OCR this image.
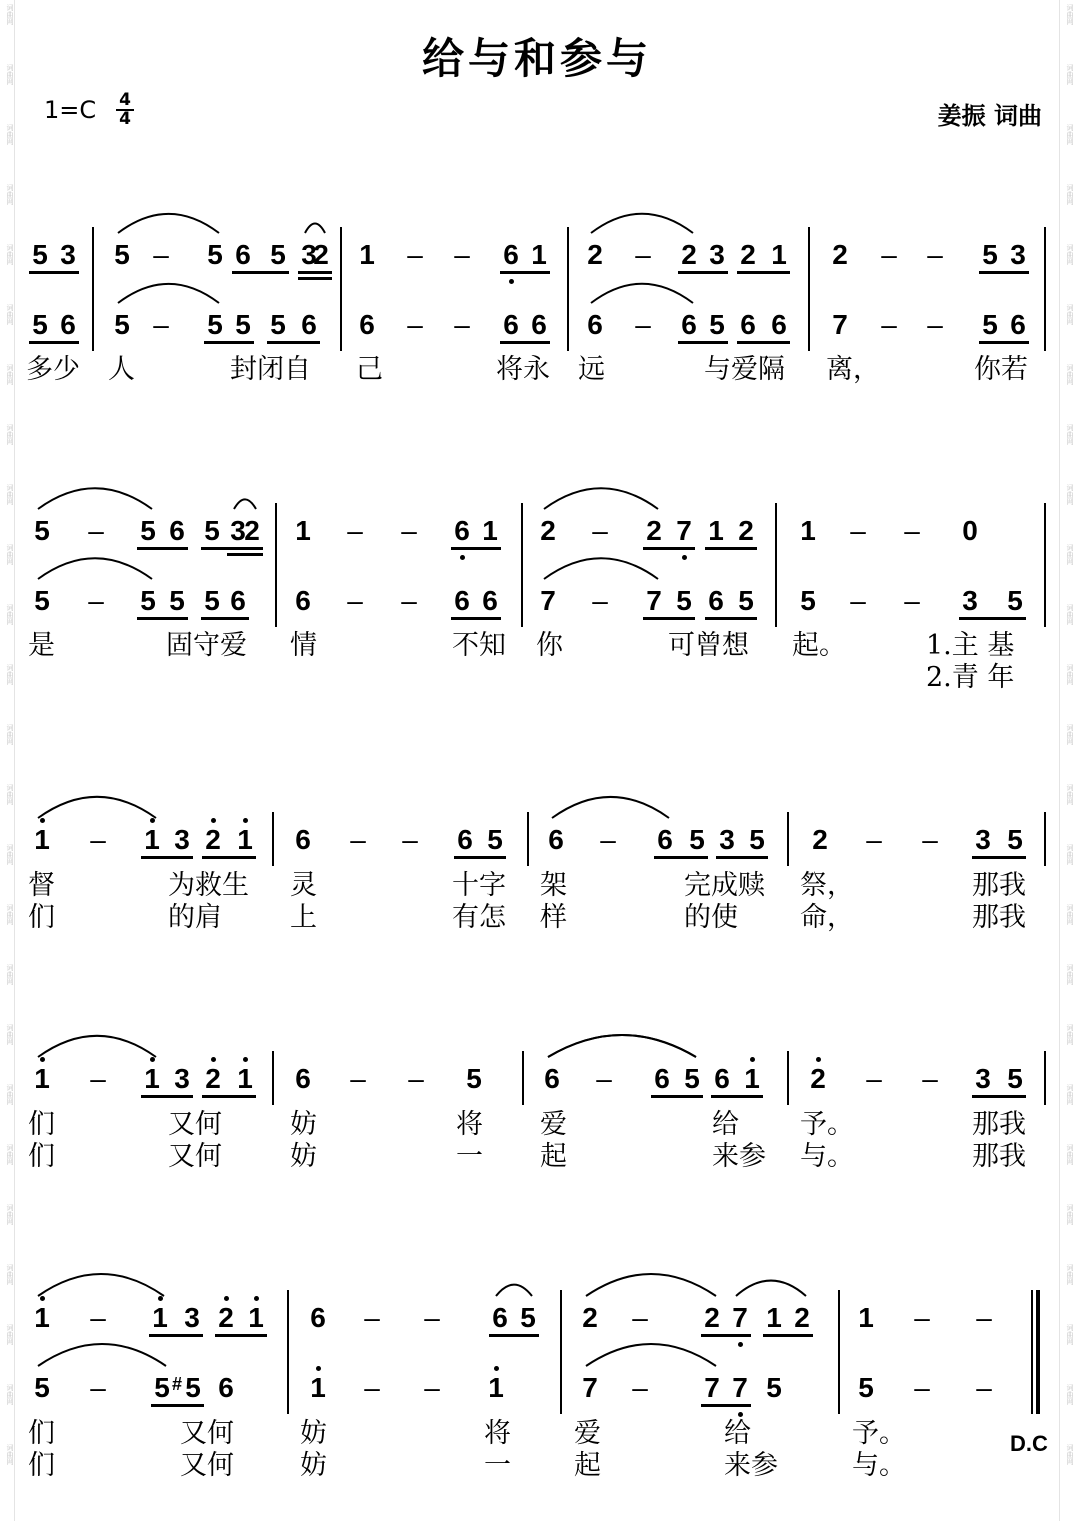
给与和参与
$1=C \frac{4}{4}$	姜振 词曲
5 3 5 – 5 6 5 3
2 1 – – 6 1 2 – 2 3 2 1 2 – – 5 3
5 6 5 – 5 5 5 6 6 – – 6 6 6 – 6 5 6 6 7 – – 5 6
多少 人	封闭自 己	将永 远	与爱隔 离，	你若
5 – 5 6 5 3
2 1 – – 6 1 2 – 2 7 1 2 1 – – 0
5 – 5 5 5 6 6 – – 6 6 7 – 7 5 6 5 5 – – 3 5
是	固守爱 情	不知 你	可曾想 起。	1.主 基
2.青 年
1 – 1 3 2 1 6 – – 6 5 6 – 6 5 3 5 2 – – 3 5
督	为救生 灵	十字 架	完成赎 祭，	那我
们	的肩	上	有怎 样	的使 命，	那我
1 – 1 3 2 1 6 – – 5 6 – 6 5 6 1 2 – – 3 5
们	又何	妨	将 爱	给 予。	那我
们	又何	妨	一 起	来参 与。	那我
1 – 1 3 2 1 6 – – 6 5 2 – 2 7 1 2 1 – –
5 – 5 # 5 6	1 – – 1	7 – 7 7 5	5 – –
们	又何 妨	将 爱	给	予。
们	又何 妨	一 起	来参	与。
D.C
词曲网
词曲网
词曲网
词曲网
词曲网
词曲网
词曲网
词曲网
词曲网
词曲网
词曲网
词曲网
词曲网
词曲网
词曲网
词曲网
词曲网
词曲网
词曲网
词曲网
词曲网
词曲网
词曲网
词曲网
词曲网
词曲网
词曲网
词曲网
词曲网
词曲网
词曲网
词曲网
词曲网
词曲网
词曲网
词曲网
词曲网
词曲网
词曲网
词曲网
词曲网
词曲网
词曲网
词曲网
词曲网
词曲网
词曲网
词曲网
词曲网
词曲网
